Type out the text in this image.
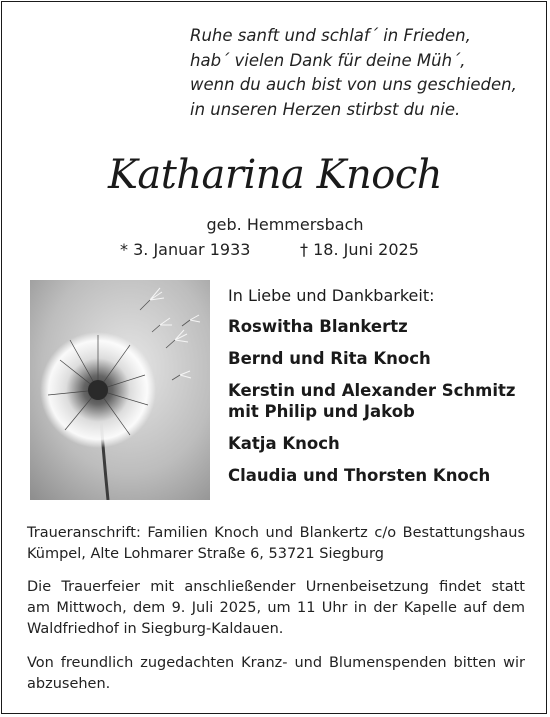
Ruhe sanft und schlaf´ in Frieden,
hab´ vielen Dank für deine Müh´,
wenn du auch bist von uns geschieden,
in unseren Herzen stirbst du nie.
Katharina Knoch
geb. Hemmersbach
* 3. Januar 1933	† 18. Juni 2025
In Liebe und Dankbarkeit:
Roswitha Blankertz
Bernd und Rita Knoch
Kerstin und Alexander Schmitz
mit Philip und Jakob
Katja Knoch
Claudia und Thorsten Knoch
Traueranschrift: Familien Knoch und Blankertz c/o Bestattungshaus
Kümpel, Alte Lohmarer Straße 6, 53721 Siegburg
Die Trauerfeier mit anschließender Urnenbeisetzung findet statt
am Mittwoch, dem 9. Juli 2025, um 11 Uhr in der Kapelle auf dem
Waldfriedhof in Siegburg-Kaldauen.
Von freundlich zugedachten Kranz- und Blumenspenden bitten wir
abzusehen.
